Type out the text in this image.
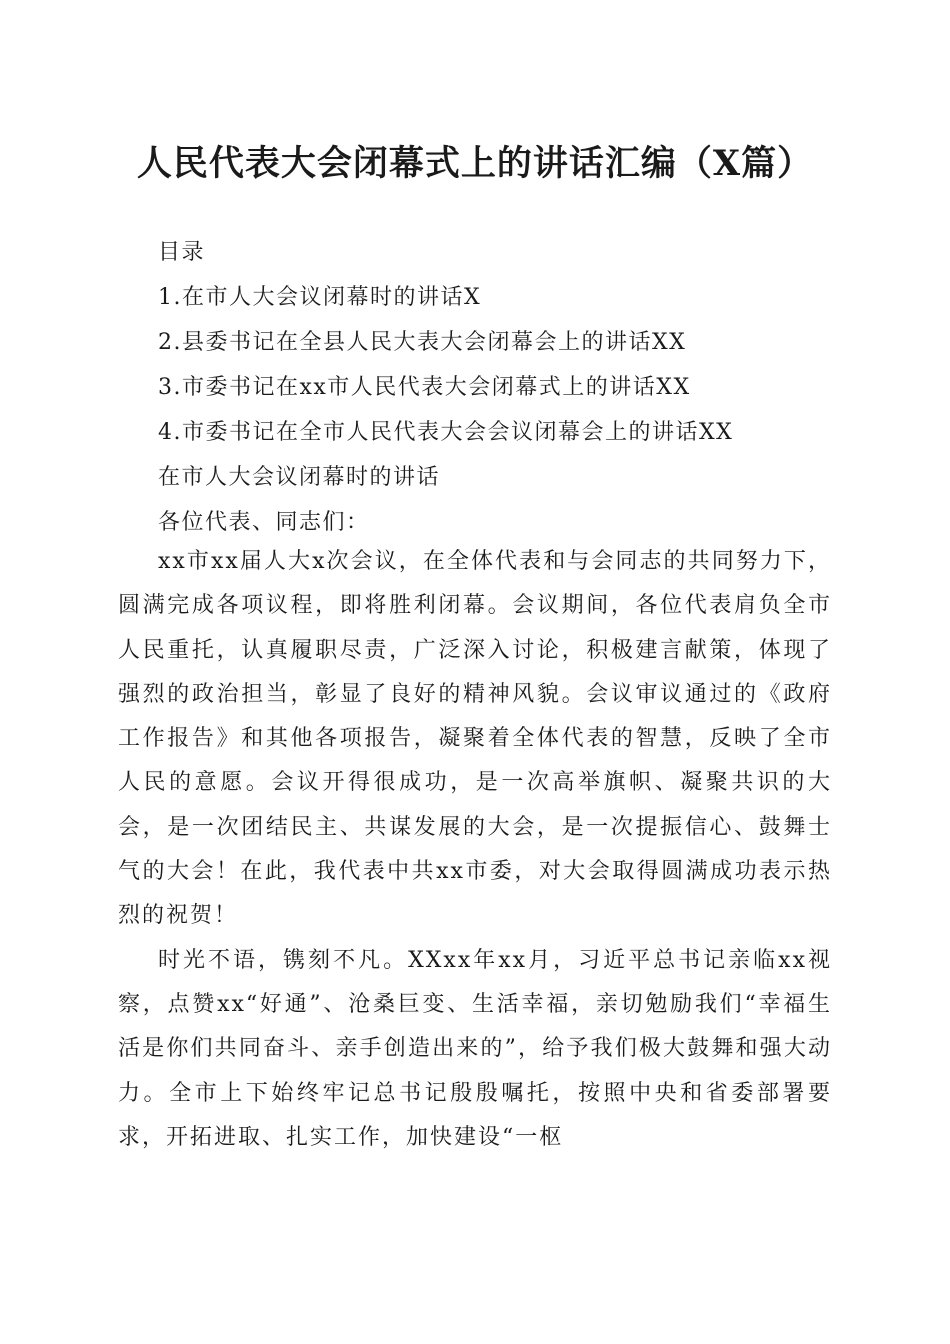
人民代表大会闭幕式上的讲话汇编（X篇）
目录
1.在市人大会议闭幕时的讲话X
2.县委书记在全县人民大表大会闭幕会上的讲话XX
3.市委书记在xx市人民代表大会闭幕式上的讲话XX
4.市委书记在全市人民代表大会会议闭幕会上的讲话XX
在市人大会议闭幕时的讲话
各位代表、同志们：

xx市xx届人大x次会议，在全体代表和与会同志的共同努力下，圆满完成各项议程，即将胜利闭幕。会议期间，各位代表肩负全市人民重托，认真履职尽责，广泛深入讨论，积极建言献策，体现了强烈的政治担当，彰显了良好的精神风貌。会议审议通过的《政府工作报告》和其他各项报告，凝聚着全体代表的智慧，反映了全市人民的意愿。会议开得很成功，是一次高举旗帜、凝聚共识的大会，是一次团结民主、共谋发展的大会，是一次提振信心、鼓舞士气的大会！在此，我代表中共xx市委，对大会取得圆满成功表示热烈的祝贺！

时光不语，镌刻不凡。XXxx年xx月，习近平总书记亲临xx视察，点赞xx“好通”、沧桑巨变、生活幸福，亲切勉励我们“幸福生活是你们共同奋斗、亲手创造出来的”，给予我们极大鼓舞和强大动力。全市上下始终牢记总书记殷殷嘱托，按照中央和省委部署要求，开拓进取、扎实工作，加快建设“一枢
